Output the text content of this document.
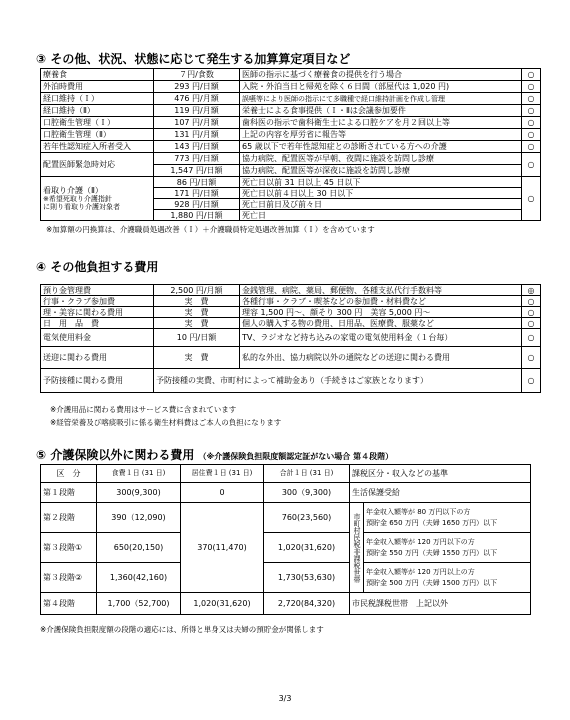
③ その他、状況、状態に応じて発生する加算算定項目など
療養食	７円/食数	医師の指示に基づく療養食の提供を行う場合	○
外泊時費用	293 円/日額	入院・外泊当日と帰苑を除く６日間（部屋代は 1,020 円)	○
経口維持（Ｉ）	476 円/月額	誤嚥等により医師の指示にて多職種で経口維持計画を作成し管理	○
経口維持（Ⅱ）	119 円/月額	栄養士による食事提供（Ｉ・Ⅱは会議参加要件	○
口腔衛生管理（Ｉ）	107 円/月額	歯科医の指示で歯科衛生士による口腔ケアを月２回以上等	○
口腔衛生管理（Ⅱ）	131 円/月額	上記の内容を厚労省に報告等	○
若年性認知症入所者受入	143 円/日額	65 歳以下で若年性認知症との診断されている方への介護	○
配置医師緊急時対応	773 円/日額	協力病院、配置医等が早朝、夜間に施設を訪問し診療	○
	1,547 円/日額	協力病院、配置医等が深夜に施設を訪問し診療	

看取り介護（Ⅱ）
※希望死取り介護指針
に則り看取り介護対象者	86 円/日額	死亡日以前 31 日以上 45 日以下	○
	171 円/日額	死亡日以前４日以上 30 日以下	
	928 円/日額	死亡日前日及び前々日	
	1,880 円/日額	死亡日	
※加算額の円換算は、介護職員処遇改善（Ｉ）＋介護職員特定処遇改善加算（Ｉ）を含めています
④ その他負担する費用
預り金管理費	2,500 円/月額	金銭管理、病院、薬局、郵便物、各種支払代行手数料等	◎
行事・クラブ参加費	実　費	各種行事・クラブ・喫茶などの参加費・材料費など	○
理・美容に関わる費用	実　費	理容 1,500 円～、顔そり 300 円　美容 5,000 円～	○
日　用　品　費	実　費	個人の購入する物の費用、日用品、医療費、服薬など	○
電気使用料金	10 円/日額	TV、ラジオなど持ち込みの家電の電気使用料金（１台毎）	○
送迎に関わる費用	実　費	私的な外出、協力病院以外の通院などの送迎に関わる費用	○
予防接種に関わる費用	予防接種の実費、市町村によって補助金あり（手続きはご家族となります）		○
※介護用品に関わる費用はサービス費に含まれています
※経管栄養及び喀痰吸引に係る衛生材料費はご本人の負担になります
⑤ 介護保険以外に関わる費用 （※介護保険負担限度額認定証がない場合 第４段階）
区　分	食費１日 (31 日)	居住費１日 (31 日)	合計１日 (31 日)	課税区分・収入などの基準	
第１段階	300(9,300)	0	300（9,300)	生活保護受給	
第２段階	390（12,090)	370(11,470)	760(23,560)	市町村民税非課税世帯	年金収入額等が 80 万円以下の方
預貯金 650 万円（夫婦 1650 万円）以下

第３段階①	650(20,150)		1,020(31,620)		年金収入額等が 120 万円以下の方
預貯金 550 万円（夫婦 1550 万円）以下

第３段階②	1,360(42,160)		1,730(53,630)		年金収入額等が 120 万円以上の方
預貯金 500 万円（夫婦 1500 万円）以下

第４段階	1,700（52,700)	1,020(31,620)	2,720(84,320)	市民税課税世帯　上記以外	
※介護保険負担限度額の段階の適応には、所得と単身又は夫婦の預貯金が関係します
3/3
